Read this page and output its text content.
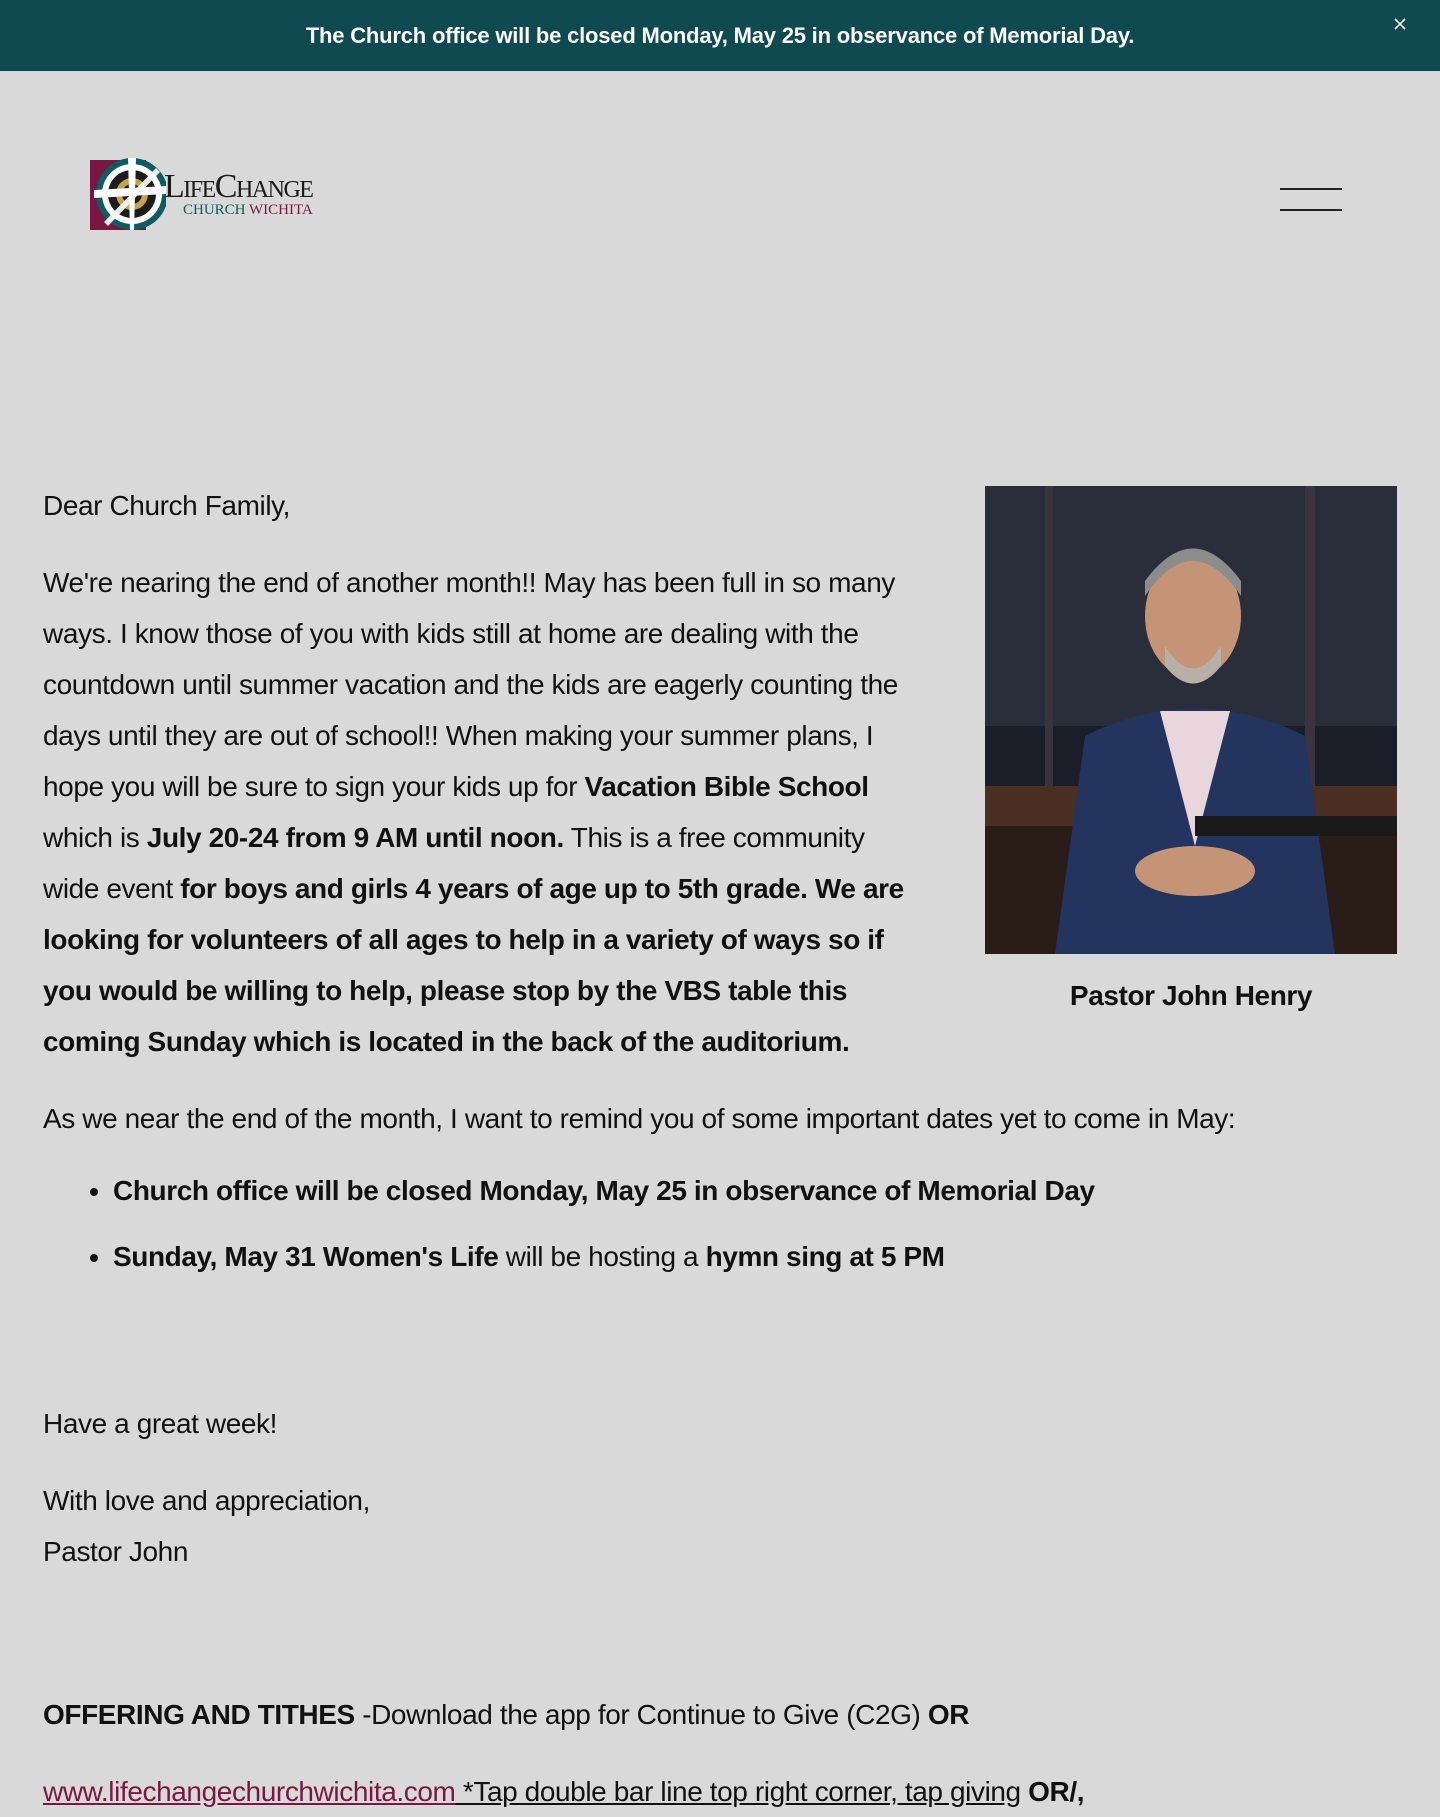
The Church office will be closed Monday, May 25 in observance of Memorial Day.
LifeChange
CHURCH WICHITA
Pastor John Henry

Dear Church Family,

We're nearing the end of another month!! May has been full in so many ways. I know those of you with kids still at home are dealing with the countdown until summer vacation and the kids are eagerly counting the days until they are out of school!! When making your summer plans, I hope you will be sure to sign your kids up for Vacation Bible School which is July 20-24 from 9 AM until noon. This is a free community wide event for boys and girls 4 years of age up to 5th grade. We are looking for volunteers of all ages to help in a variety of ways so if you would be willing to help, please stop by the VBS table this coming Sunday which is located in the back of the auditorium.

As we near the end of the month, I want to remind you of some important dates yet to come in May:

• Church office will be closed Monday, May 25 in observance of Memorial Day
• Sunday, May 31 Women's Life will be hosting a hymn sing at 5 PM

Have a great week!

With love and appreciation,

Pastor John

OFFERING AND TITHES -Download the app for Continue to Give (C2G) OR

www.lifechangechurchwichita.com *Tap double bar line top right corner, tap giving OR/,
